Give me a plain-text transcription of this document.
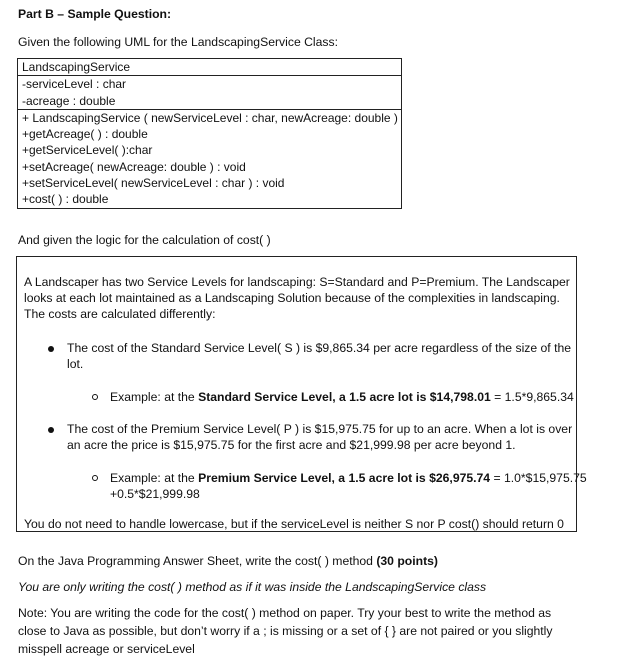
Part B – Sample Question:
Given the following UML for the LandscapingService Class:
LandscapingService
-serviceLevel : char
-acreage : double
+ LandscapingService ( newServiceLevel : char, newAcreage: double )
+getAcreage( ) : double
+getServiceLevel( ):char
+setAcreage( newAcreage: double ) : void
+setServiceLevel( newServiceLevel : char ) : void
+cost( ) : double
And given the logic for the calculation of cost( )
A Landscaper has two Service Levels for landscaping: S=Standard and P=Premium. The Landscaper
looks at each lot maintained as a Landscaping Solution because of the complexities in landscaping.
The costs are calculated differently:
The cost of the Standard Service Level( S ) is $9,865.34 per acre regardless of the size of the
lot.
Example: at the Standard Service Level, a 1.5 acre lot is $14,798.01 = 1.5*9,865.34
The cost of the Premium Service Level( P ) is $15,975.75 for up to an acre. When a lot is over
an acre the price is $15,975.75 for the first acre and $21,999.98 per acre beyond 1.
Example: at the Premium Service Level, a 1.5 acre lot is $26,975.74 = 1.0*$15,975.75
+0.5*$21,999.98
You do not need to handle lowercase, but if the serviceLevel is neither S nor P cost() should return 0
On the Java Programming Answer Sheet, write the cost( ) method (30 points)
You are only writing the cost( ) method as if it was inside the LandscapingService class
Note: You are writing the code for the cost( ) method on paper. Try your best to write the method as
close to Java as possible, but don’t worry if a ; is missing or a set of { } are not paired or you slightly
misspell acreage or serviceLevel
